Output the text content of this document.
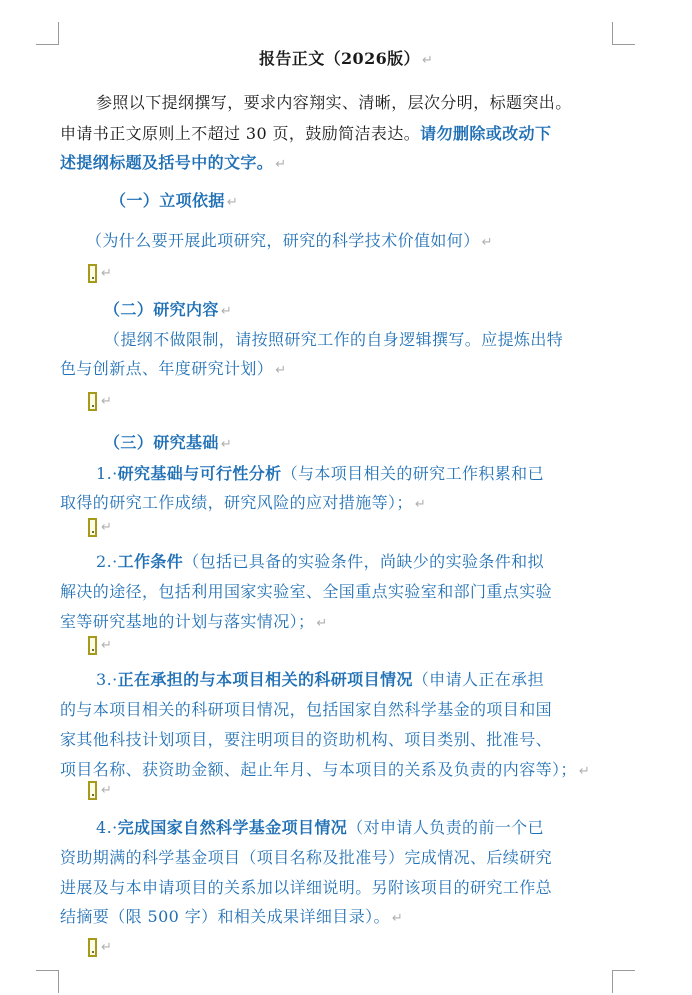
报告正文（2026版） ↵
参照以下提纲撰写，要求内容翔实、清晰，层次分明，标题突出。
申请书正文原则上不超过 30 页，鼓励简洁表达。请勿删除或改动下
述提纲标题及括号中的文字。 ↵
（一）立项依据 ↵
（为什么要开展此项研究，研究的科学技术价值如何） ↵
↵
（二）研究内容 ↵
（提纲不做限制，请按照研究工作的自身逻辑撰写。应提炼出特
色与创新点、年度研究计划） ↵
↵
（三）研究基础 ↵
1.·研究基础与可行性分析（与本项目相关的研究工作积累和已
取得的研究工作成绩，研究风险的应对措施等）； ↵
↵
2.·工作条件（包括已具备的实验条件，尚缺少的实验条件和拟
解决的途径，包括利用国家实验室、全国重点实验室和部门重点实验
室等研究基地的计划与落实情况）； ↵
↵
3.·正在承担的与本项目相关的科研项目情况（申请人正在承担
的与本项目相关的科研项目情况，包括国家自然科学基金的项目和国
家其他科技计划项目，要注明项目的资助机构、项目类别、批准号、
项目名称、获资助金额、起止年月、与本项目的关系及负责的内容等）； ↵
↵
4.·完成国家自然科学基金项目情况（对申请人负责的前一个已
资助期满的科学基金项目（项目名称及批准号）完成情况、后续研究
进展及与本申请项目的关系加以详细说明。另附该项目的研究工作总
结摘要（限 500 字）和相关成果详细目录）。 ↵
↵
